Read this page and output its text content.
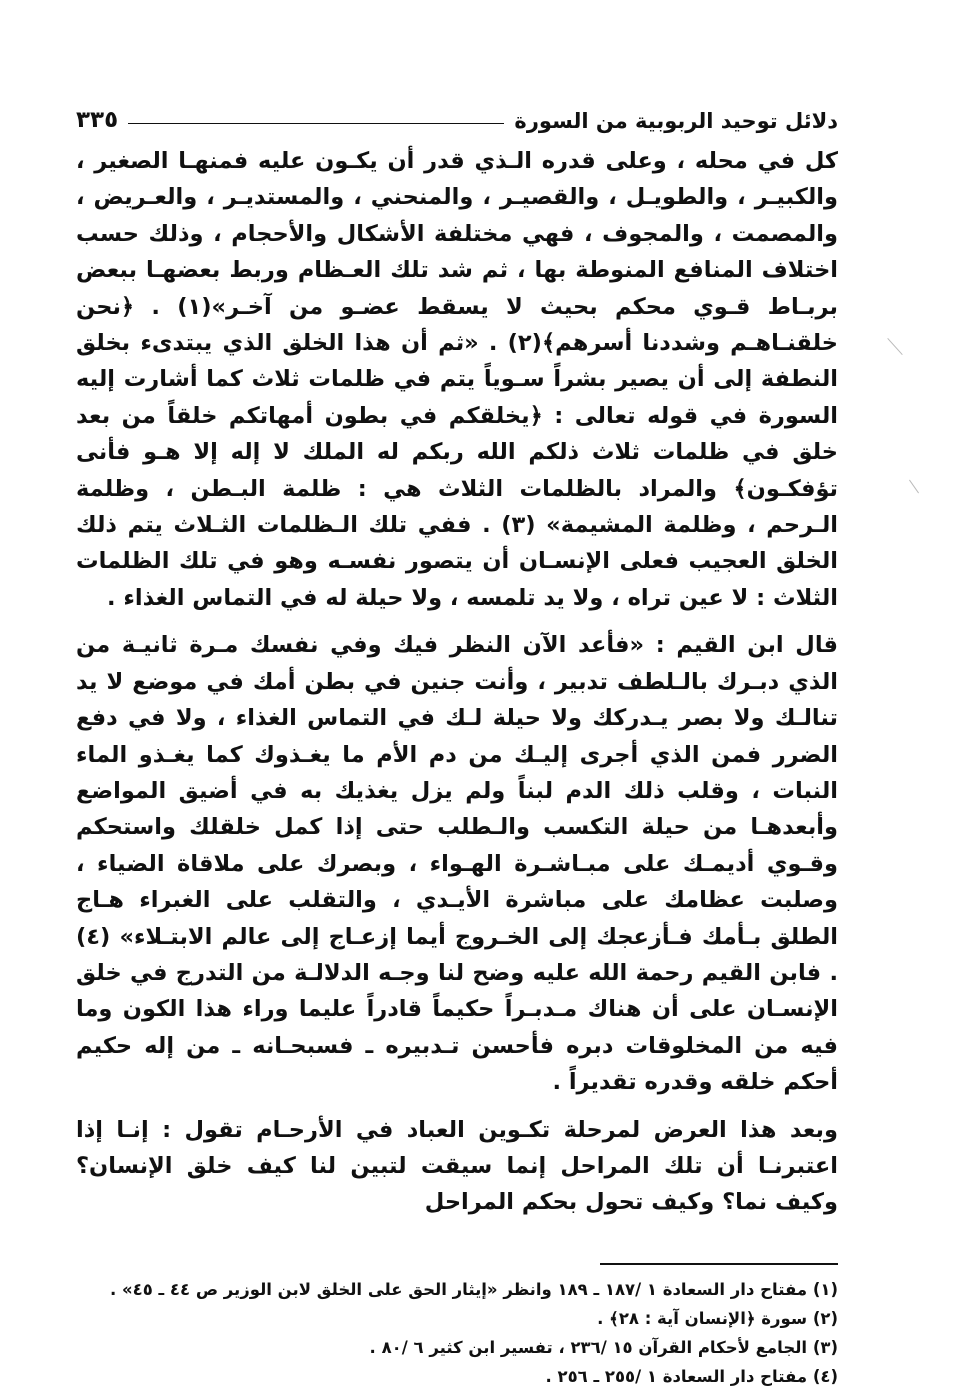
دلائل توحيد الربوبية من السورة
٣٣٥

كل في محله ، وعلى قدره الـذي قدر أن يكـون عليه فمنهـا الصغير ، والكبيـر ، والطويـل ، والقصيـر ، والمنحني ، والمستديـر ، والعـريض ، والمصمت ، والمجوف ، فهي مختلفة الأشكال والأحجام ، وذلك حسب اختلاف المنافع المنوطة بها ، ثم شد تلك العـظام وربط بعضهـا ببعض بربـاط قـوي محكم بحيث لا يسقط عضـو من آخـر»(١) . ﴿نحن خلقنـاهـم وشددنا أسرهم﴾(٢) . «ثم أن هذا الخلق الذي يبتدىء بخلق النطفة إلى أن يصير بشراً سـوياً يتم في ظلمات ثلاث كما أشارت إليه السورة في قوله تعالى : ﴿يخلقكم في بطون أمهاتكم خلقاً من بعد خلق في ظلمات ثلاث ذلكم الله ربكم له الملك لا إله إلا هـو فأنى تؤفكـون﴾ والمراد بالظلمات الثلاث هي : ظلمة البـطن ، وظلمة الـرحم ، وظلمة المشيمة» (٣) . ففي تلك الـظلمات الثـلاث يتم ذلك الخلق العجيب فعلى الإنسـان أن يتصور نفسـه وهو في تلك الظلمات الثلاث : لا عين تراه ، ولا يد تلمسه ، ولا حيلة له في التماس الغذاء .

قال ابن القيم : «فأعد الآن النظر فيك وفي نفسك مـرة ثانيـة من الذي دبـرك بالـلطف تدبير ، وأنت جنين في بطن أمك في موضع لا يد تنالـك ولا بصر يـدركك ولا حيلة لـك في التماس الغذاء ، ولا في دفع الضرر فمن الذي أجرى إليـك من دم الأم ما يغـذوك كما يغـذو الماء النبات ، وقلب ذلك الدم لبناً ولم يزل يغذيك به في أضيق المواضع وأبعدهـا من حيلة التكسب والـطلب حتى إذا كمل خلقلك واستحكم وقـوي أديمـك على مبـاشـرة الهـواء ، وبصرك على ملاقاة الضياء ، وصلبت عظامك على مباشرة الأيـدي ، والتقلب على الغبراء هـاج الطلق بـأمك فـأزعجك إلى الخـروج أيما إزعـاج إلى عالم الابتـلاء» (٤) . فابن القيم رحمة الله عليه وضح لنا وجـه الدلالـة من التدرج في خلق الإنسـان على أن هناك مـدبـراً حكيماً قادراً عليما وراء هذا الكون وما فيه من المخلوقات دبره فأحسن تـدبيره ـ فسبحـانه ـ من إله حكيم أحكم خلقه وقدره تقديراً .

وبعد هذا العرض لمرحلة تكـوين العباد في الأرحـام تقول : إنـا إذا اعتبرنـا أن تلك المراحل إنما سيقت لتبين لنا كيف خلق الإنسان؟ وكيف نما؟ وكيف تحول بحكم المراحل

(١) مفتاح دار السعادة ١ /١٨٧ ـ ١٨٩ وانظر «إيثار الحق على الخلق لابن الوزير ص ٤٤ ـ ٤٥» .
(٢) سورة ﴿الإنسان آية : ٢٨﴾ .
(٣) الجامع لأحكام القرآن ١٥ /٢٣٦ ، تفسير ابن كثير ٦ /٨٠ .
(٤) مفتاح دار السعادة ١ /٢٥٥ ـ ٢٥٦ .
